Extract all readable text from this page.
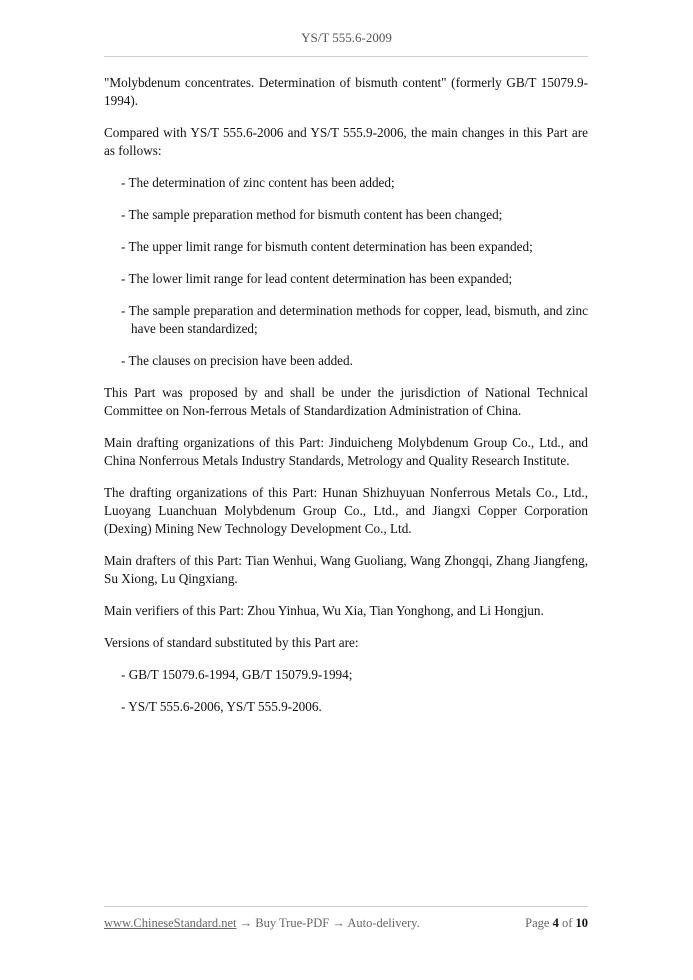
YS/T 555.6-2009

"Molybdenum concentrates. Determination of bismuth content" (formerly GB/T 15079.9-1994).

Compared with YS/T 555.6-2006 and YS/T 555.9-2006, the main changes in this Part are as follows:

- The determination of zinc content has been added;

- The sample preparation method for bismuth content has been changed;

- The upper limit range for bismuth content determination has been expanded;

- The lower limit range for lead content determination has been expanded;

- The sample preparation and determination methods for copper, lead, bismuth, and zinc have been standardized;

- The clauses on precision have been added.

This Part was proposed by and shall be under the jurisdiction of National Technical Committee on Non-ferrous Metals of Standardization Administration of China.

Main drafting organizations of this Part: Jinduicheng Molybdenum Group Co., Ltd., and China Nonferrous Metals Industry Standards, Metrology and Quality Research Institute.

The drafting organizations of this Part: Hunan Shizhuyuan Nonferrous Metals Co., Ltd., Luoyang Luanchuan Molybdenum Group Co., Ltd., and Jiangxi Copper Corporation (Dexing) Mining New Technology Development Co., Ltd.

Main drafters of this Part: Tian Wenhui, Wang Guoliang, Wang Zhongqi, Zhang Jiangfeng, Su Xiong, Lu Qingxiang.

Main verifiers of this Part: Zhou Yinhua, Wu Xia, Tian Yonghong, and Li Hongjun.

Versions of standard substituted by this Part are:

- GB/T 15079.6-1994, GB/T 15079.9-1994;

- YS/T 555.6-2006, YS/T 555.9-2006.

www.ChineseStandard.net → Buy True-PDF → Auto-delivery.	Page 4 of 10
